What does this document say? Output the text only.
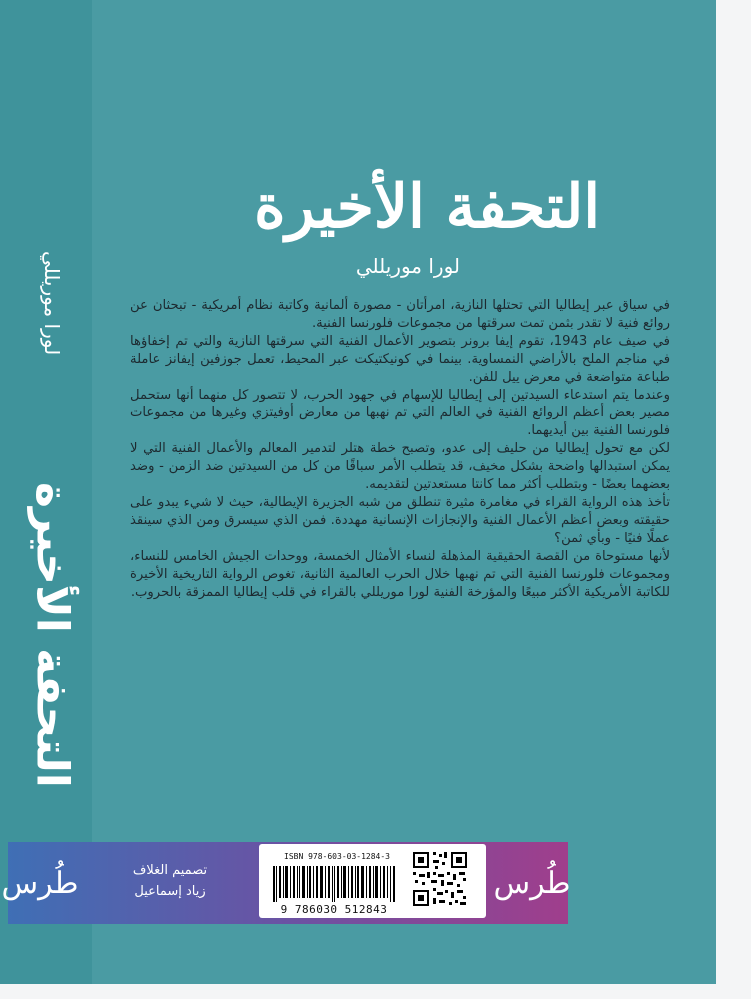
لورا موريللي
التحفة الأخيرة
التحفة الأخيرة
لورا موريللي

في سياق عبر إيطاليا التي تحتلها النازية، امرأتان - مصورة ألمانية وكاتبة نظام أمريكية - تبحثان عن روائع فنية لا تقدر بثمن تمت سرقتها من مجموعات فلورنسا الفنية.

في صيف عام 1943، تقوم إيفا برونر بتصوير الأعمال الفنية التي سرقتها النازية والتي تم إخفاؤها في مناجم الملح بالأراضي النمساوية. بينما في كونيكتيكت عبر المحيط، تعمل جوزفين إيفانز عاملة طباعة متواضعة في معرض ييل للفن.

وعندما يتم استدعاء السيدتين إلى إيطاليا للإسهام في جهود الحرب، لا تتصور كل منهما أنها ستحمل مصير بعض أعظم الروائع الفنية في العالم التي تم نهبها من معارض أوفيتزي وغيرها من مجموعات فلورنسا الفنية بين أيديهما.

لكن مع تحول إيطاليا من حليف إلى عدو، وتصبح خطة هتلر لتدمير المعالم والأعمال الفنية التي لا يمكن استبدالها واضحة بشكل مخيف، قد يتطلب الأمر سباقًا من كل من السيدتين ضد الزمن - وضد بعضهما بعضًا - وبتطلب أكثر مما كانتا مستعدتين لتقديمه.

تأخذ هذه الرواية القراء في مغامرة مثيرة تنطلق من شبه الجزيرة الإيطالية، حيث لا شيء يبدو على حقيقته وبعض أعظم الأعمال الفنية والإنجازات الإنسانية مهددة. فمن الذي سيسرق ومن الذي سينقذ عملًا فنيًا - وبأي ثمن؟

لأنها مستوحاة من القصة الحقيقية المذهلة لنساء الأمثال الخمسة، ووحدات الجيش الخامس للنساء، ومجموعات فلورنسا الفنية التي تم نهبها خلال الحرب العالمية الثانية، تغوص الرواية التاريخية الأخيرة للكاتبة الأمريكية الأكثر مبيعًا والمؤرخة الفنية لورا موريللي بالقراء في قلب إيطاليا الممزقة بالحروب.

طُرس	تصميم الغلاف
زياد إسماعيل
ISBN 978-603-03-1284-3
9 786030 512843
طُرس
